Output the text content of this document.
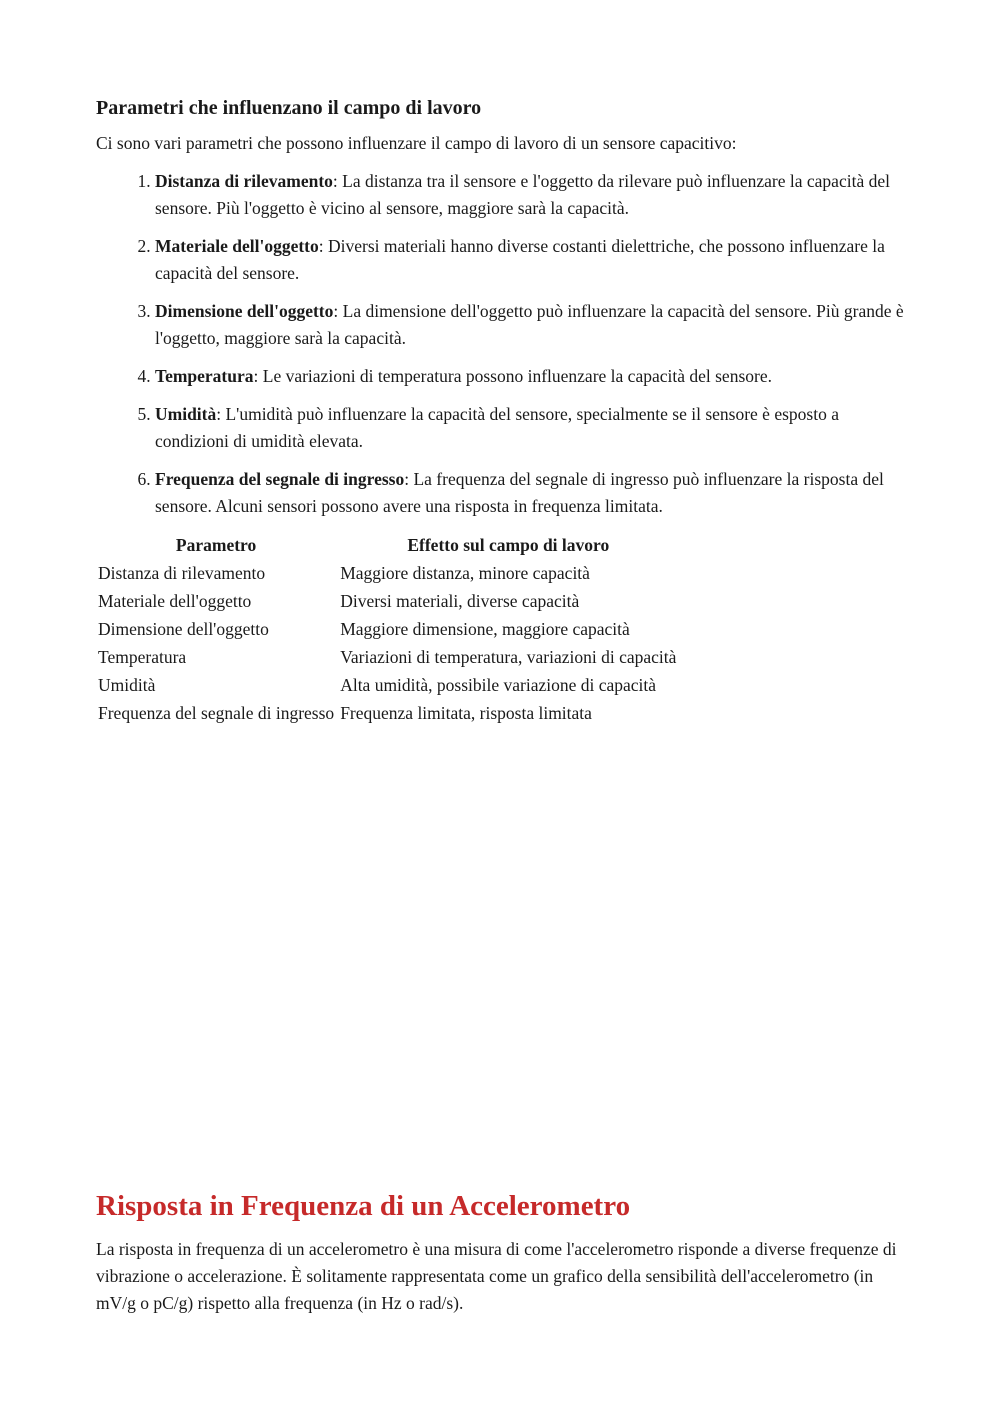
Parametri che influenzano il campo di lavoro

Ci sono vari parametri che possono influenzare il campo di lavoro di un sensore capacitivo:

1. Distanza di rilevamento: La distanza tra il sensore e l'oggetto da rilevare può influenzare la capacità del sensore. Più l'oggetto è vicino al sensore, maggiore sarà la capacità.
2. Materiale dell'oggetto: Diversi materiali hanno diverse costanti dielettriche, che possono influenzare la capacità del sensore.
3. Dimensione dell'oggetto: La dimensione dell'oggetto può influenzare la capacità del sensore. Più grande è l'oggetto, maggiore sarà la capacità.
4. Temperatura: Le variazioni di temperatura possono influenzare la capacità del sensore.
5. Umidità: L'umidità può influenzare la capacità del sensore, specialmente se il sensore è esposto a condizioni di umidità elevata.
6. Frequenza del segnale di ingresso: La frequenza del segnale di ingresso può influenzare la risposta del sensore. Alcuni sensori possono avere una risposta in frequenza limitata.
Parametro	Effetto sul campo di lavoro
Distanza di rilevamento	Maggiore distanza, minore capacità
Materiale dell'oggetto	Diversi materiali, diverse capacità
Dimensione dell'oggetto	Maggiore dimensione, maggiore capacità
Temperatura	Variazioni di temperatura, variazioni di capacità
Umidità	Alta umidità, possibile variazione di capacità
Frequenza del segnale di ingresso	Frequenza limitata, risposta limitata
Risposta in Frequenza di un Accelerometro

La risposta in frequenza di un accelerometro è una misura di come l'accelerometro risponde a diverse frequenze di vibrazione o accelerazione. È solitamente rappresentata come un grafico della sensibilità dell'accelerometro (in mV/g o pC/g) rispetto alla frequenza (in Hz o rad/s).
